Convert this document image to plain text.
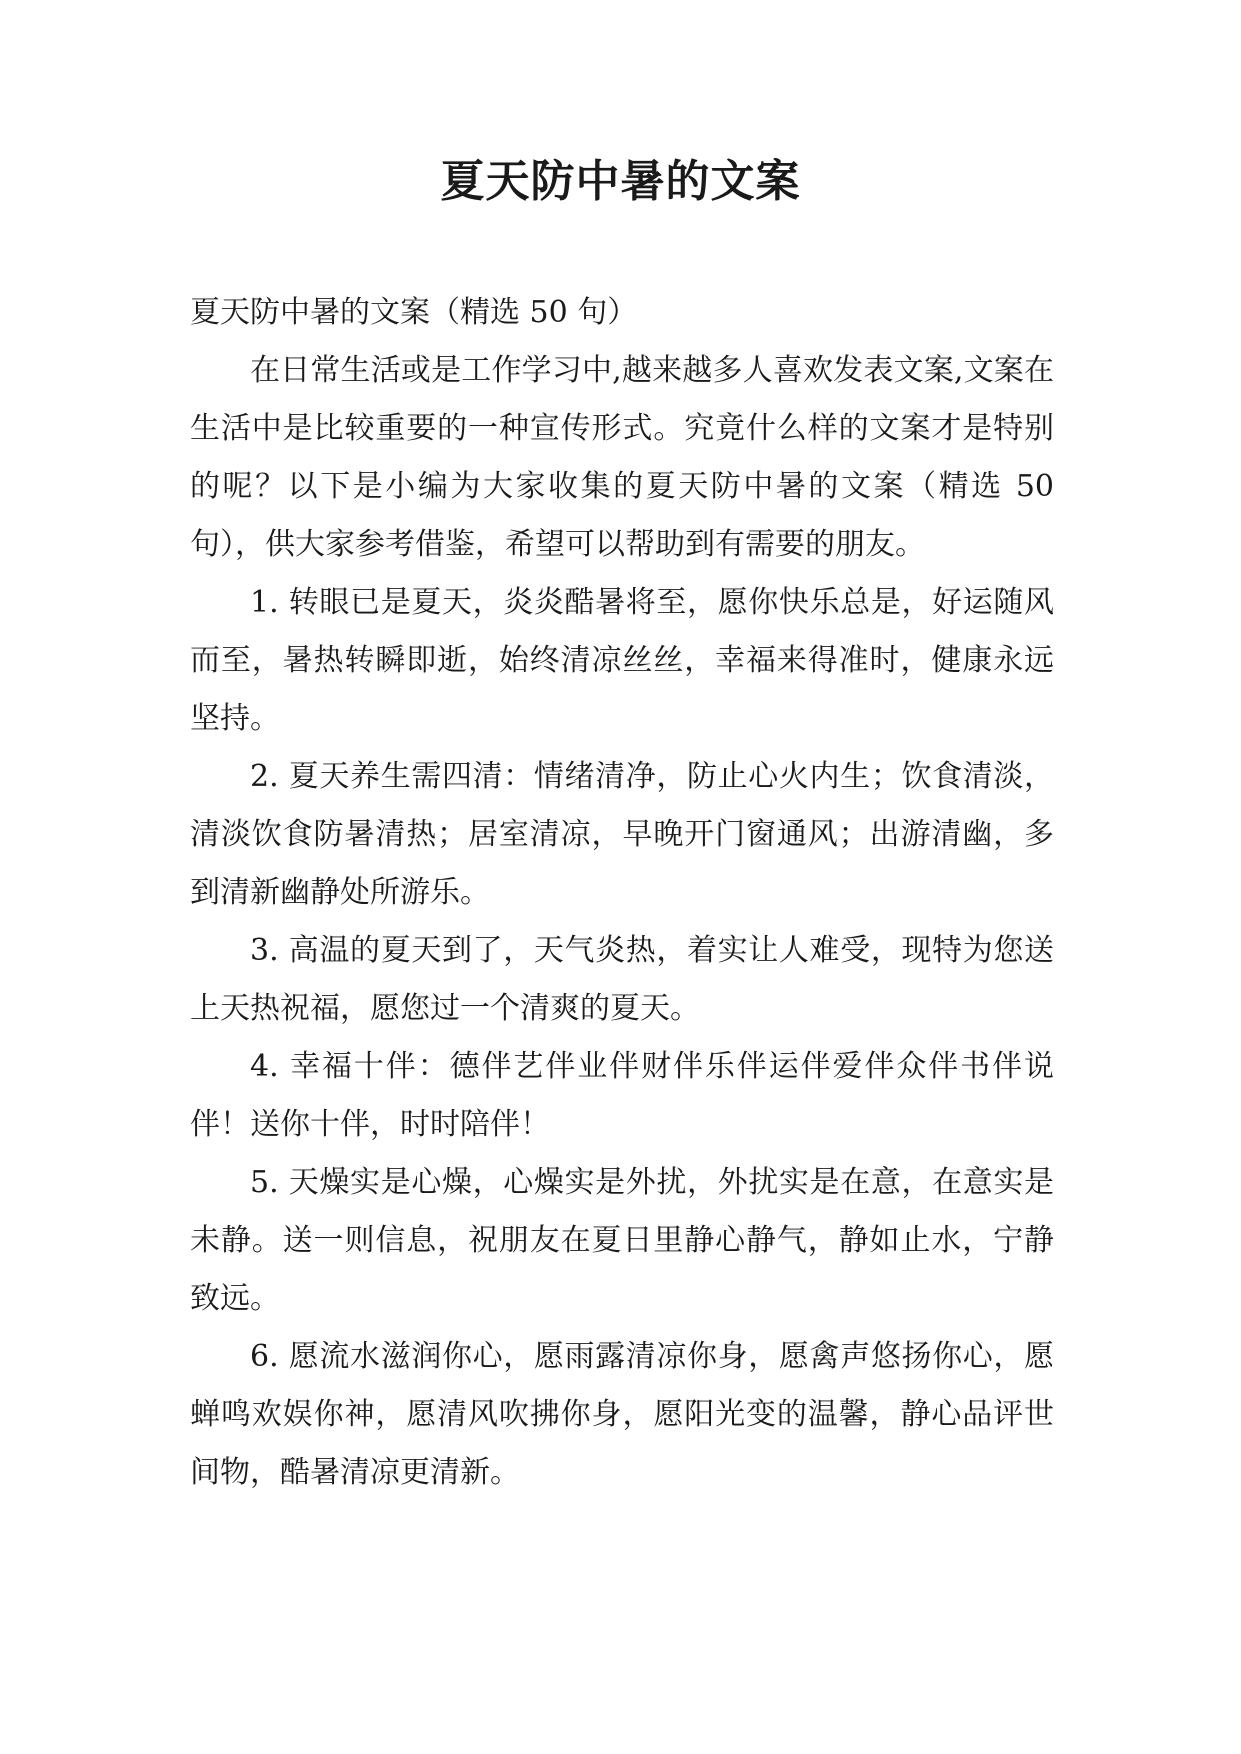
夏天防中暑的文案

夏天防中暑的文案（精选 50 句）

在日常生活或是工作学习中,越来越多人喜欢发表文案,文案在生活中是比较重要的一种宣传形式。究竟什么样的文案才是特别的呢？以下是小编为大家收集的夏天防中暑的文案（精选 50 句），供大家参考借鉴，希望可以帮助到有需要的朋友。

1. 转眼已是夏天，炎炎酷暑将至，愿你快乐总是，好运随风而至，暑热转瞬即逝，始终清凉丝丝，幸福来得准时，健康永远坚持。

2. 夏天养生需四清：情绪清净，防止心火内生；饮食清淡，清淡饮食防暑清热；居室清凉，早晚开门窗通风；出游清幽，多到清新幽静处所游乐。

3. 高温的夏天到了，天气炎热，着实让人难受，现特为您送上天热祝福，愿您过一个清爽的夏天。

4. 幸福十伴：德伴艺伴业伴财伴乐伴运伴爱伴众伴书伴说伴！送你十伴，时时陪伴！

5. 天燥实是心燥，心燥实是外扰，外扰实是在意，在意实是未静。送一则信息，祝朋友在夏日里静心静气，静如止水，宁静致远。

6. 愿流水滋润你心，愿雨露清凉你身，愿禽声悠扬你心，愿蝉鸣欢娱你神，愿清风吹拂你身，愿阳光变的温馨，静心品评世间物，酷暑清凉更清新。
